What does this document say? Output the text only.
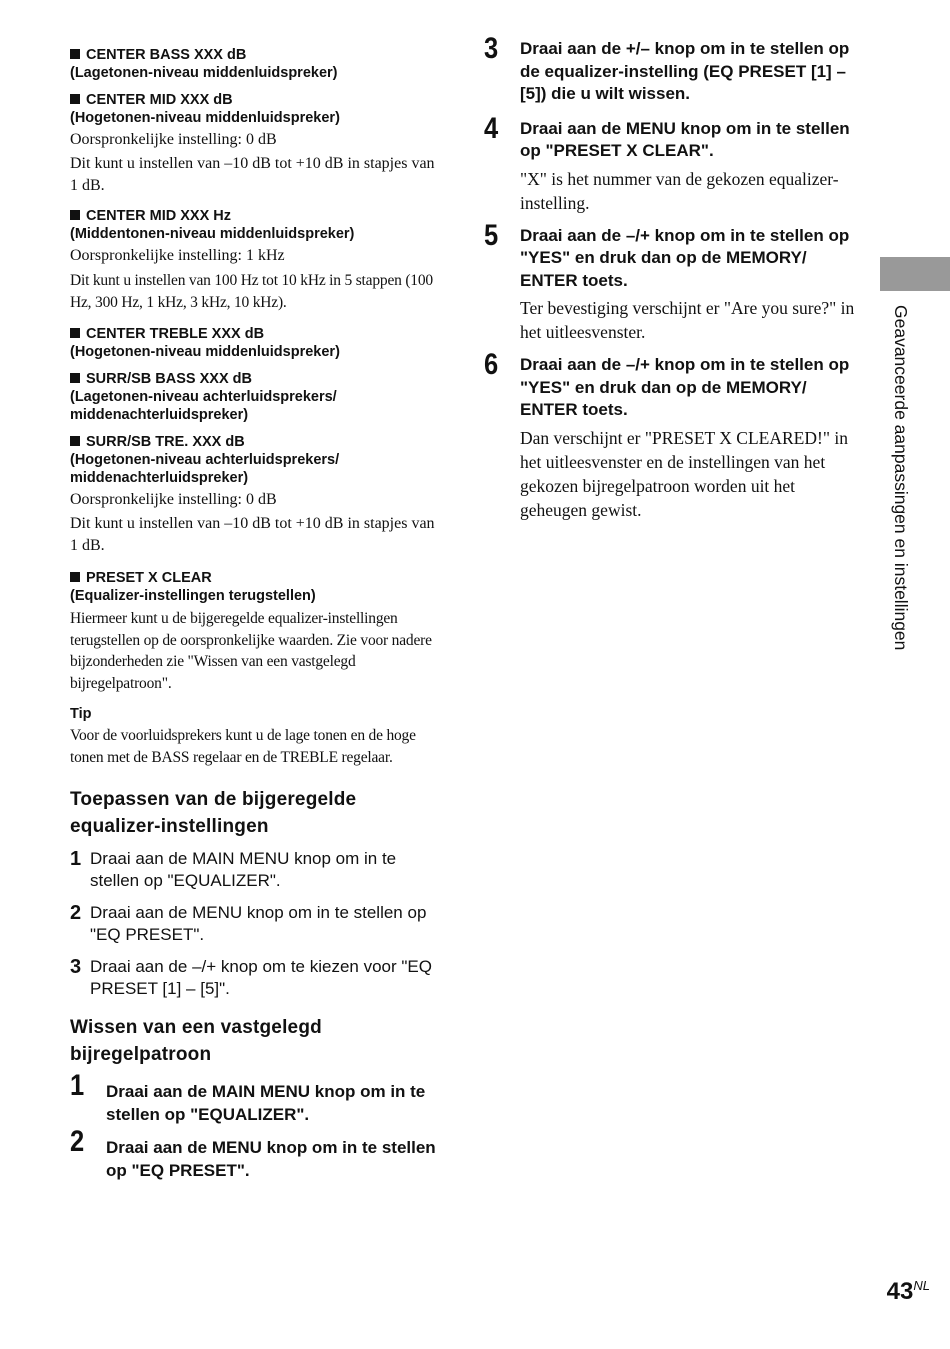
CENTER BASS XXX dB
(Lagetonen-niveau middenluidspreker)
CENTER MID XXX dB
(Hogetonen-niveau middenluidspreker)
Oorspronkelijke instelling: 0 dB
Dit kunt u instellen van –10 dB tot +10 dB in stapjes van 1 dB.
CENTER MID XXX Hz
(Middentonen-niveau middenluidspreker)
Oorspronkelijke instelling: 1 kHz
Dit kunt u instellen van 100 Hz tot 10 kHz in 5 stappen (100 Hz, 300 Hz, 1 kHz, 3 kHz, 10 kHz).
CENTER TREBLE XXX dB
(Hogetonen-niveau middenluidspreker)
SURR/SB BASS XXX dB
(Lagetonen-niveau achterluidsprekers/ middenachterluidspreker)
SURR/SB TRE. XXX dB
(Hogetonen-niveau achterluidsprekers/ middenachterluidspreker)
Oorspronkelijke instelling: 0 dB
Dit kunt u instellen van –10 dB tot +10 dB in stapjes van 1 dB.
PRESET X CLEAR
(Equalizer-instellingen terugstellen)
Hiermeer kunt u de bijgeregelde equalizer-instellingen terugstellen op de oorspronkelijke waarden. Zie voor nadere bijzonderheden zie "Wissen van een vastgelegd bijregelpatroon".
Tip
Voor de voorluidsprekers kunt u de lage tonen en de hoge tonen met de BASS regelaar en de TREBLE regelaar.
Toepassen van de bijgeregelde equalizer-instellingen
1 Draai aan de MAIN MENU knop om in te stellen op "EQUALIZER".
2 Draai aan de MENU knop om in te stellen op "EQ PRESET".
3 Draai aan de –/+ knop om te kiezen voor "EQ PRESET [1] – [5]".
Wissen van een vastgelegd bijregelpatroon
1 Draai aan de MAIN MENU knop om in te stellen op "EQUALIZER".
2 Draai aan de MENU knop om in te stellen op "EQ PRESET".
3 Draai aan de +/– knop om in te stellen op de equalizer-instelling (EQ PRESET [1] – [5]) die u wilt wissen.
4 Draai aan de MENU knop om in te stellen op "PRESET X CLEAR".
"X" is het nummer van de gekozen equalizer-instelling.
5 Draai aan de –/+ knop om in te stellen op "YES" en druk dan op de MEMORY/ ENTER toets.
Ter bevestiging verschijnt er "Are you sure?" in het uitleesvenster.
6 Draai aan de –/+ knop om in te stellen op "YES" en druk dan op de MEMORY/ ENTER toets.
Dan verschijnt er "PRESET X CLEARED!" in het uitleesvenster en de instellingen van het gekozen bijregelpatroon worden uit het geheugen gewist.	Geavanceerde aanpassingen en instellingen
$43^{NL}$
